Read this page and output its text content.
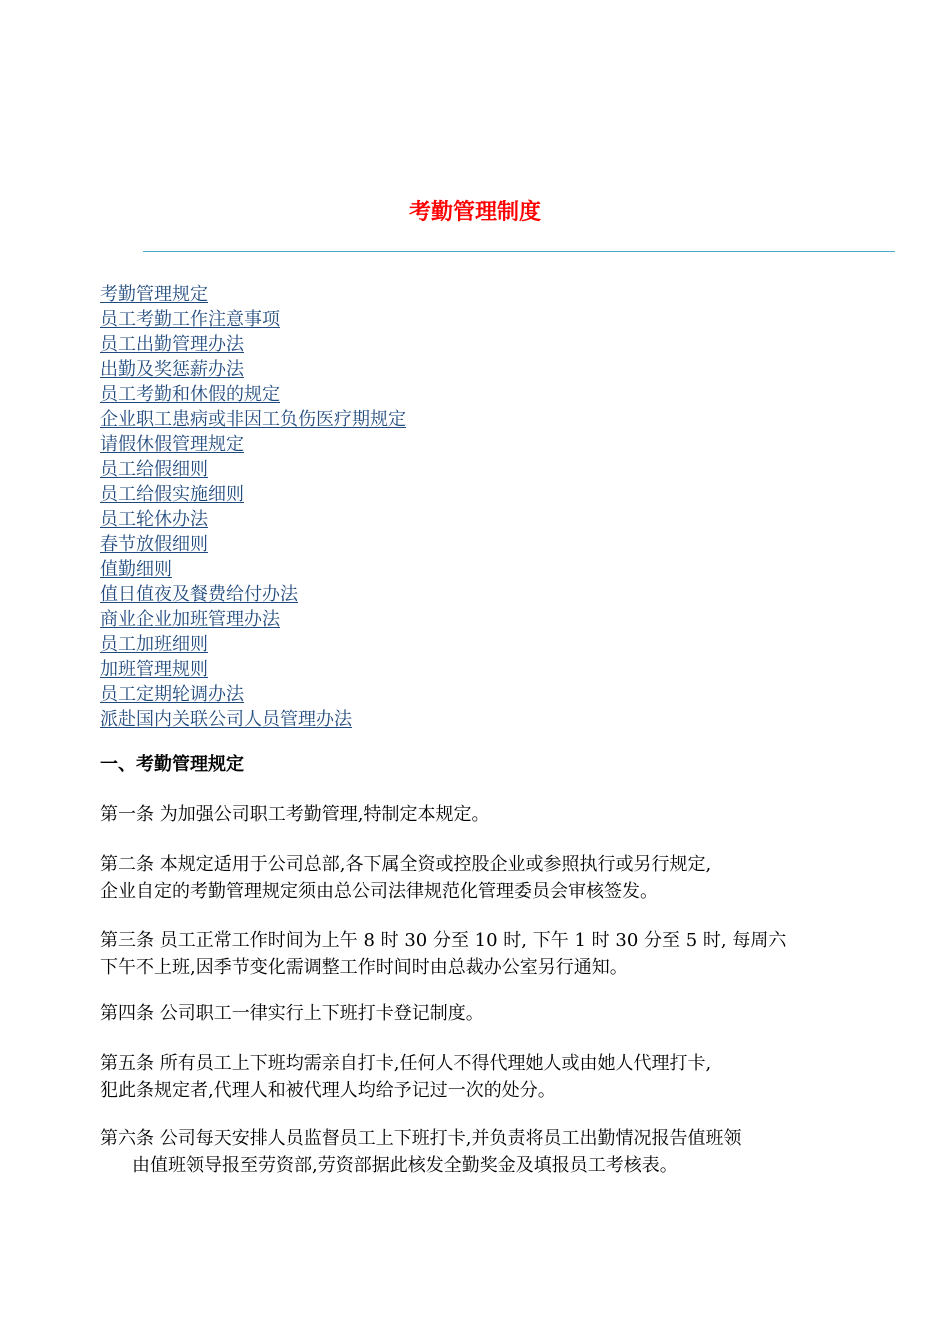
考勤管理制度
考勤管理规定
员工考勤工作注意事项
员工出勤管理办法
出勤及奖惩薪办法
员工考勤和休假的规定
企业职工患病或非因工负伤医疗期规定
请假休假管理规定
员工给假细则
员工给假实施细则
员工轮休办法
春节放假细则
值勤细则
值日值夜及餐费给付办法
商业企业加班管理办法
员工加班细则
加班管理规则
员工定期轮调办法
派赴国内关联公司人员管理办法
一、考勤管理规定

第一条 为加强公司职工考勤管理,特制定本规定。

第二条 本规定适用于公司总部,各下属全资或控股企业或参照执行或另行规定,
企业自定的考勤管理规定须由总公司法律规范化管理委员会审核签发。

第三条 员工正常工作时间为上午 8 时 30 分至 10 时, 下午 1 时 30 分至 5 时, 每周六
下午不上班,因季节变化需调整工作时间时由总裁办公室另行通知。

第四条 公司职工一律实行上下班打卡登记制度。

第五条 所有员工上下班均需亲自打卡,任何人不得代理她人或由她人代理打卡,
犯此条规定者,代理人和被代理人均给予记过一次的处分。

第六条 公司每天安排人员监督员工上下班打卡,并负责将员工出勤情况报告值班领
由值班领导报至劳资部,劳资部据此核发全勤奖金及填报员工考核表。
